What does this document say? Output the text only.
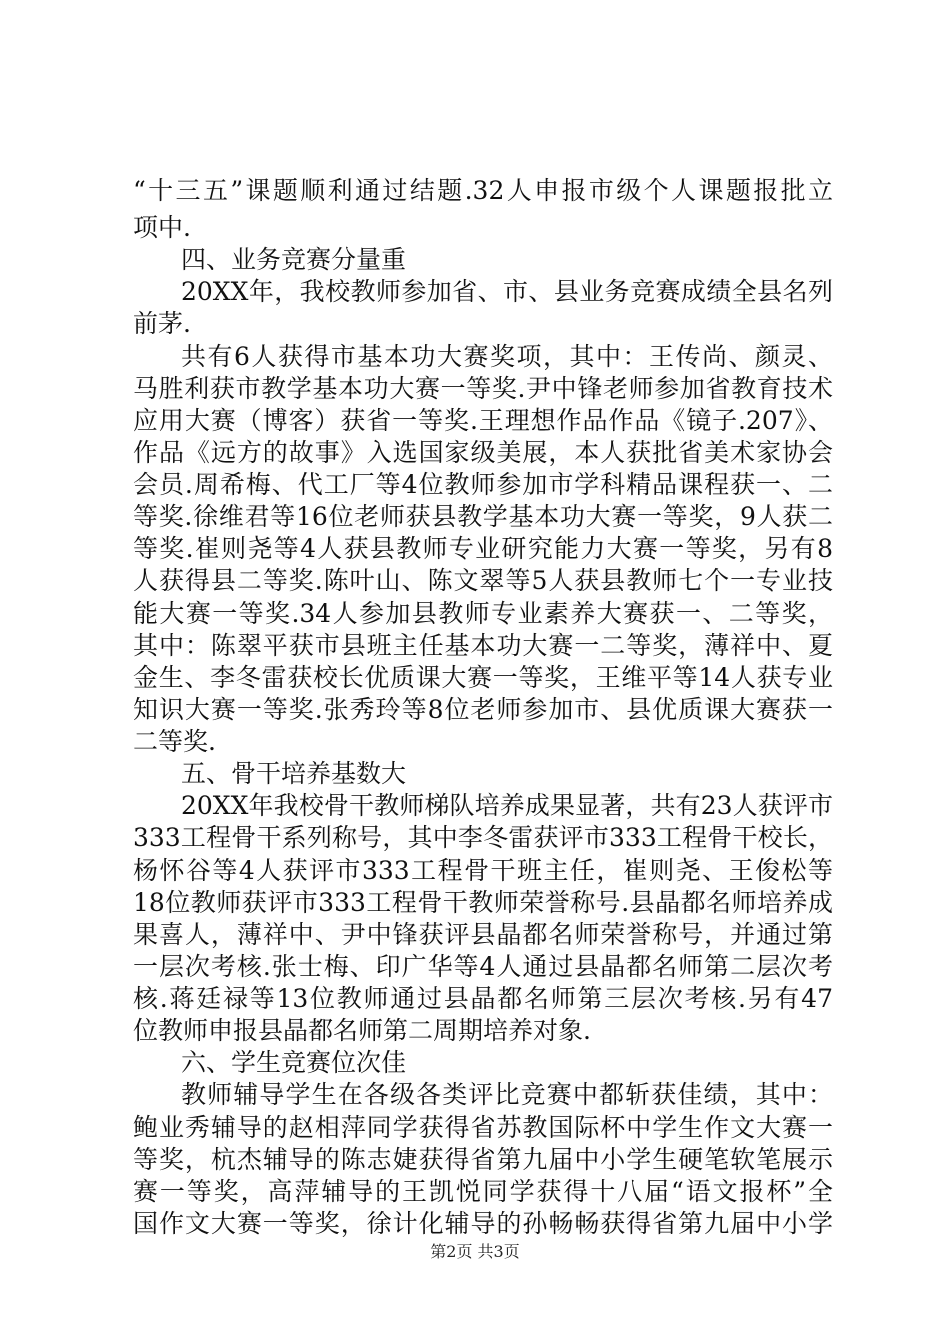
“十三五”课题顺利通过结题.32人申报市级个人课题报批立
项中.
四、业务竞赛分量重
20XX年，我校教师参加省、市、县业务竞赛成绩全县名列
前茅.
共有6人获得市基本功大赛奖项，其中：王传尚、颜灵、
马胜利获市教学基本功大赛一等奖.尹中锋老师参加省教育技术
应用大赛（博客）获省一等奖.王理想作品作品《镜子.207》、
作品《远方的故事》入选国家级美展，本人获批省美术家协会
会员.周希梅、代工厂等4位教师参加市学科精品课程获一、二
等奖.徐维君等16位老师获县教学基本功大赛一等奖，9人获二
等奖.崔则尧等4人获县教师专业研究能力大赛一等奖，另有8
人获得县二等奖.陈叶山、陈文翠等5人获县教师七个一专业技
能大赛一等奖.34人参加县教师专业素养大赛获一、二等奖，
其中：陈翠平获市县班主任基本功大赛一二等奖，薄祥中、夏
金生、李冬雷获校长优质课大赛一等奖，王维平等14人获专业
知识大赛一等奖.张秀玲等8位老师参加市、县优质课大赛获一
二等奖.
五、骨干培养基数大
20XX年我校骨干教师梯队培养成果显著，共有23人获评市
333工程骨干系列称号，其中李冬雷获评市333工程骨干校长，
杨怀谷等4人获评市333工程骨干班主任，崔则尧、王俊松等
18位教师获评市333工程骨干教师荣誉称号.县晶都名师培养成
果喜人，薄祥中、尹中锋获评县晶都名师荣誉称号，并通过第
一层次考核.张士梅、印广华等4人通过县晶都名师第二层次考
核.蒋廷禄等13位教师通过县晶都名师第三层次考核.另有47
位教师申报县晶都名师第二周期培养对象.
六、学生竞赛位次佳
教师辅导学生在各级各类评比竞赛中都斩获佳绩，其中：
鲍业秀辅导的赵相萍同学获得省苏教国际杯中学生作文大赛一
等奖，杭杰辅导的陈志婕获得省第九届中小学生硬笔软笔展示
赛一等奖，高萍辅导的王凯悦同学获得十八届“语文报杯”全
国作文大赛一等奖，徐计化辅导的孙畅畅获得省第九届中小学
第2页 共3页
